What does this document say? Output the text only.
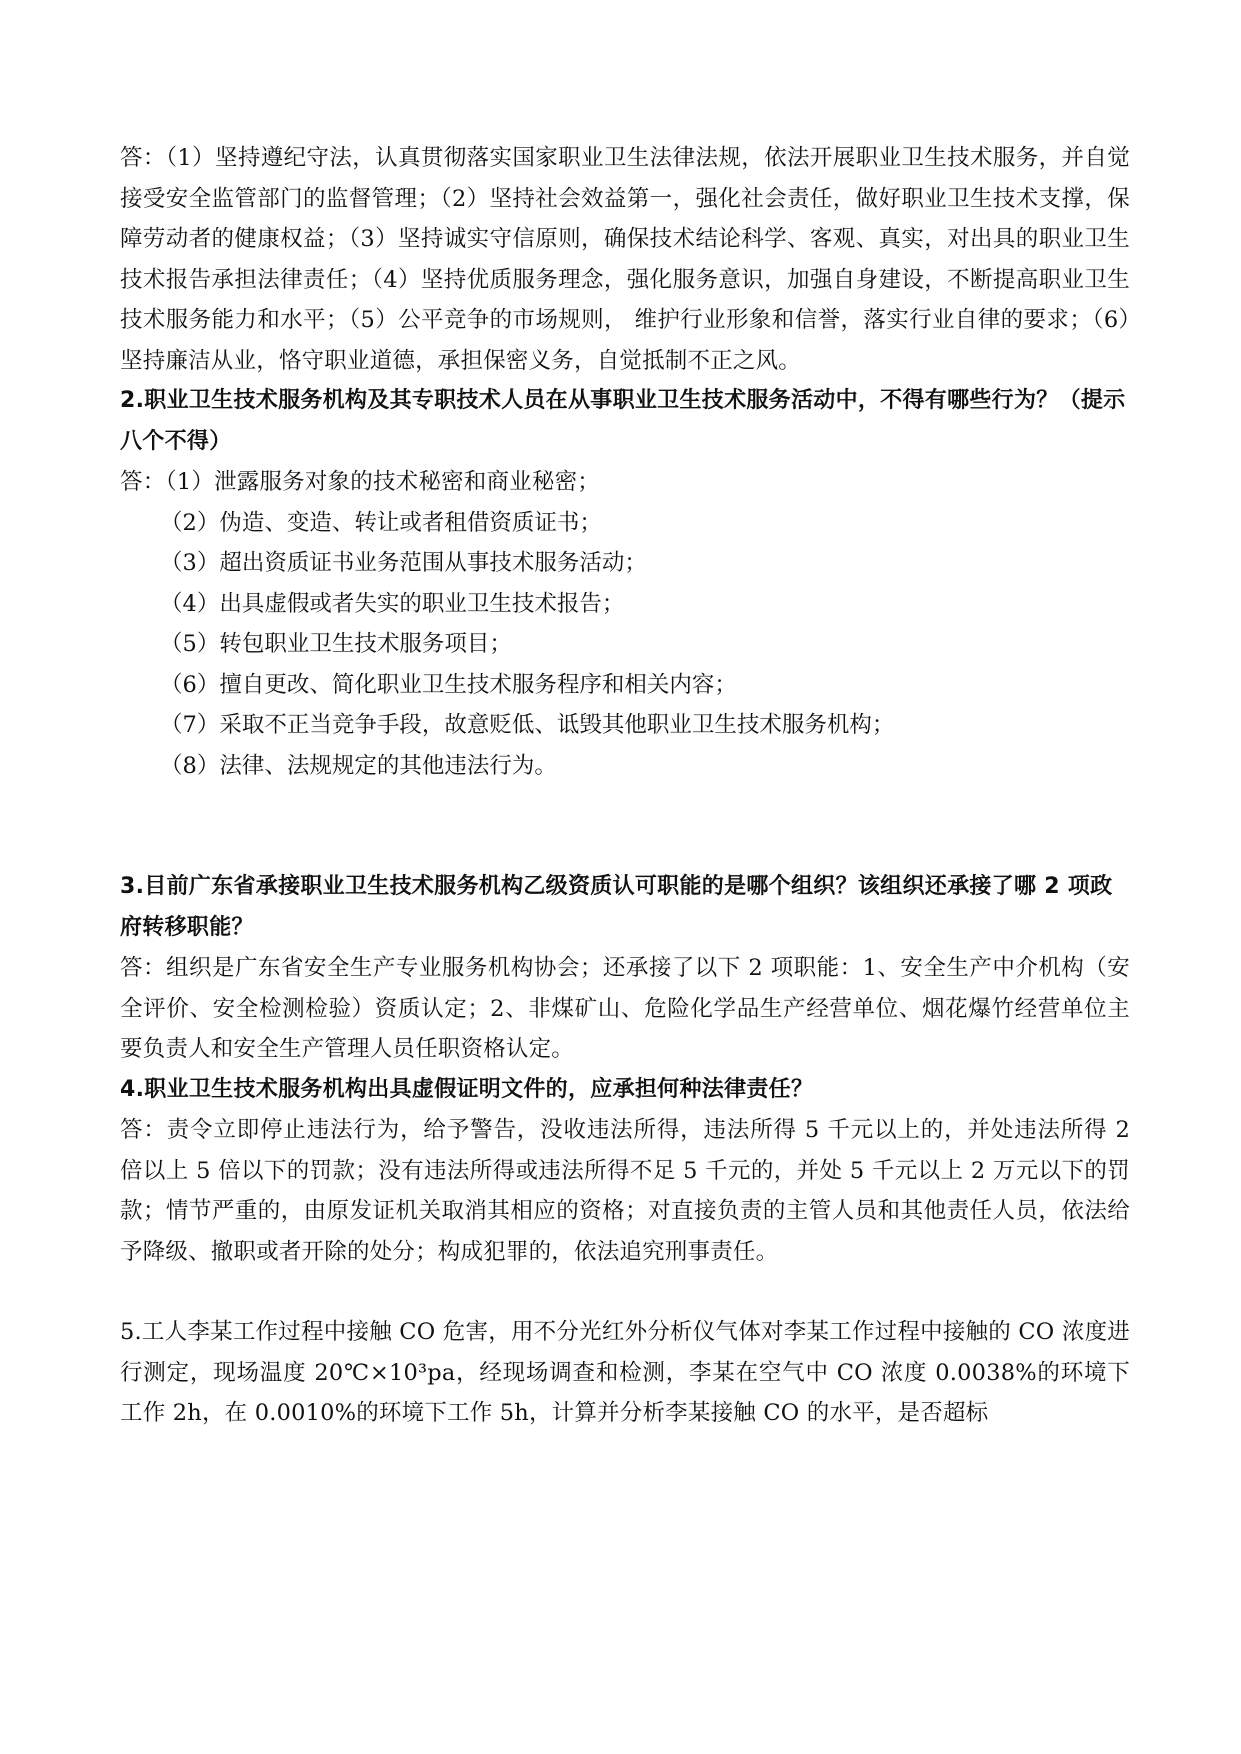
答：（1）坚持遵纪守法，认真贯彻落实国家职业卫生法律法规，依法开展职业卫生技术服务，并自觉接受安全监管部门的监督管理；（2）坚持社会效益第一，强化社会责任，做好职业卫生技术支撑，保障劳动者的健康权益；（3）坚持诚实守信原则，确保技术结论科学、客观、真实，对出具的职业卫生技术报告承担法律责任；（4）坚持优质服务理念，强化服务意识，加强自身建设，不断提高职业卫生技术服务能力和水平；（5）公平竞争的市场规则， 维护行业形象和信誉，落实行业自律的要求；（6）坚持廉洁从业，恪守职业道德，承担保密义务，自觉抵制不正之风。

2.职业卫生技术服务机构及其专职技术人员在从事职业卫生技术服务活动中，不得有哪些行为？（提示八个不得）

答：（1）泄露服务对象的技术秘密和商业秘密；

（2）伪造、变造、转让或者租借资质证书；

（3）超出资质证书业务范围从事技术服务活动；

（4）出具虚假或者失实的职业卫生技术报告；

（5）转包职业卫生技术服务项目；

（6）擅自更改、简化职业卫生技术服务程序和相关内容；

（7）采取不正当竞争手段，故意贬低、诋毁其他职业卫生技术服务机构；

（8）法律、法规规定的其他违法行为。

3.目前广东省承接职业卫生技术服务机构乙级资质认可职能的是哪个组织？该组织还承接了哪 2 项政府转移职能？

答：组织是广东省安全生产专业服务机构协会；还承接了以下 2 项职能：1、安全生产中介机构（安全评价、安全检测检验）资质认定；2、非煤矿山、危险化学品生产经营单位、烟花爆竹经营单位主要负责人和安全生产管理人员任职资格认定。

4.职业卫生技术服务机构出具虚假证明文件的，应承担何种法律责任？

答：责令立即停止违法行为，给予警告，没收违法所得，违法所得 5 千元以上的，并处违法所得 2 倍以上 5 倍以下的罚款；没有违法所得或违法所得不足 5 千元的，并处 5 千元以上 2 万元以下的罚款；情节严重的，由原发证机关取消其相应的资格；对直接负责的主管人员和其他责任人员，依法给予降级、撤职或者开除的处分；构成犯罪的，依法追究刑事责任。

5.工人李某工作过程中接触 CO 危害，用不分光红外分析仪气体对李某工作过程中接触的 CO 浓度进行测定，现场温度 20℃×10³pa，经现场调查和检测，李某在空气中 CO 浓度 0.0038%的环境下工作 2h，在 0.0010%的环境下工作 5h，计算并分析李某接触 CO 的水平，是否超标
